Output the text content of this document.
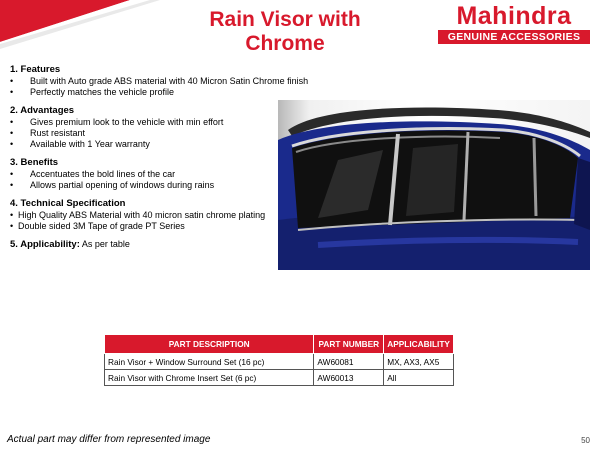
Rain Visor with Chrome
Mahindra
GENUINE ACCESSORIES
1. Features
•	Built with Auto grade ABS material with 40 Micron Satin Chrome finish
•	Perfectly matches the vehicle profile
2. Advantages
•	Gives premium look to the vehicle with min effort
•	Rust resistant
•	Available with 1 Year warranty
3. Benefits
•	Accentuates the bold lines of the car
•	Allows partial opening of windows during rains
4. Technical Specification
• High Quality ABS Material with 40 micron satin chrome plating
• Double sided 3M Tape of grade PT Series
5. Applicability: As per table
PART DESCRIPTION	PART NUMBER	APPLICABILITY
Rain Visor + Window Surround Set (16 pc)	AW60081	MX, AX3, AX5
Rain Visor with Chrome Insert Set (6 pc)	AW60013	All
Actual part may differ from represented image	50
